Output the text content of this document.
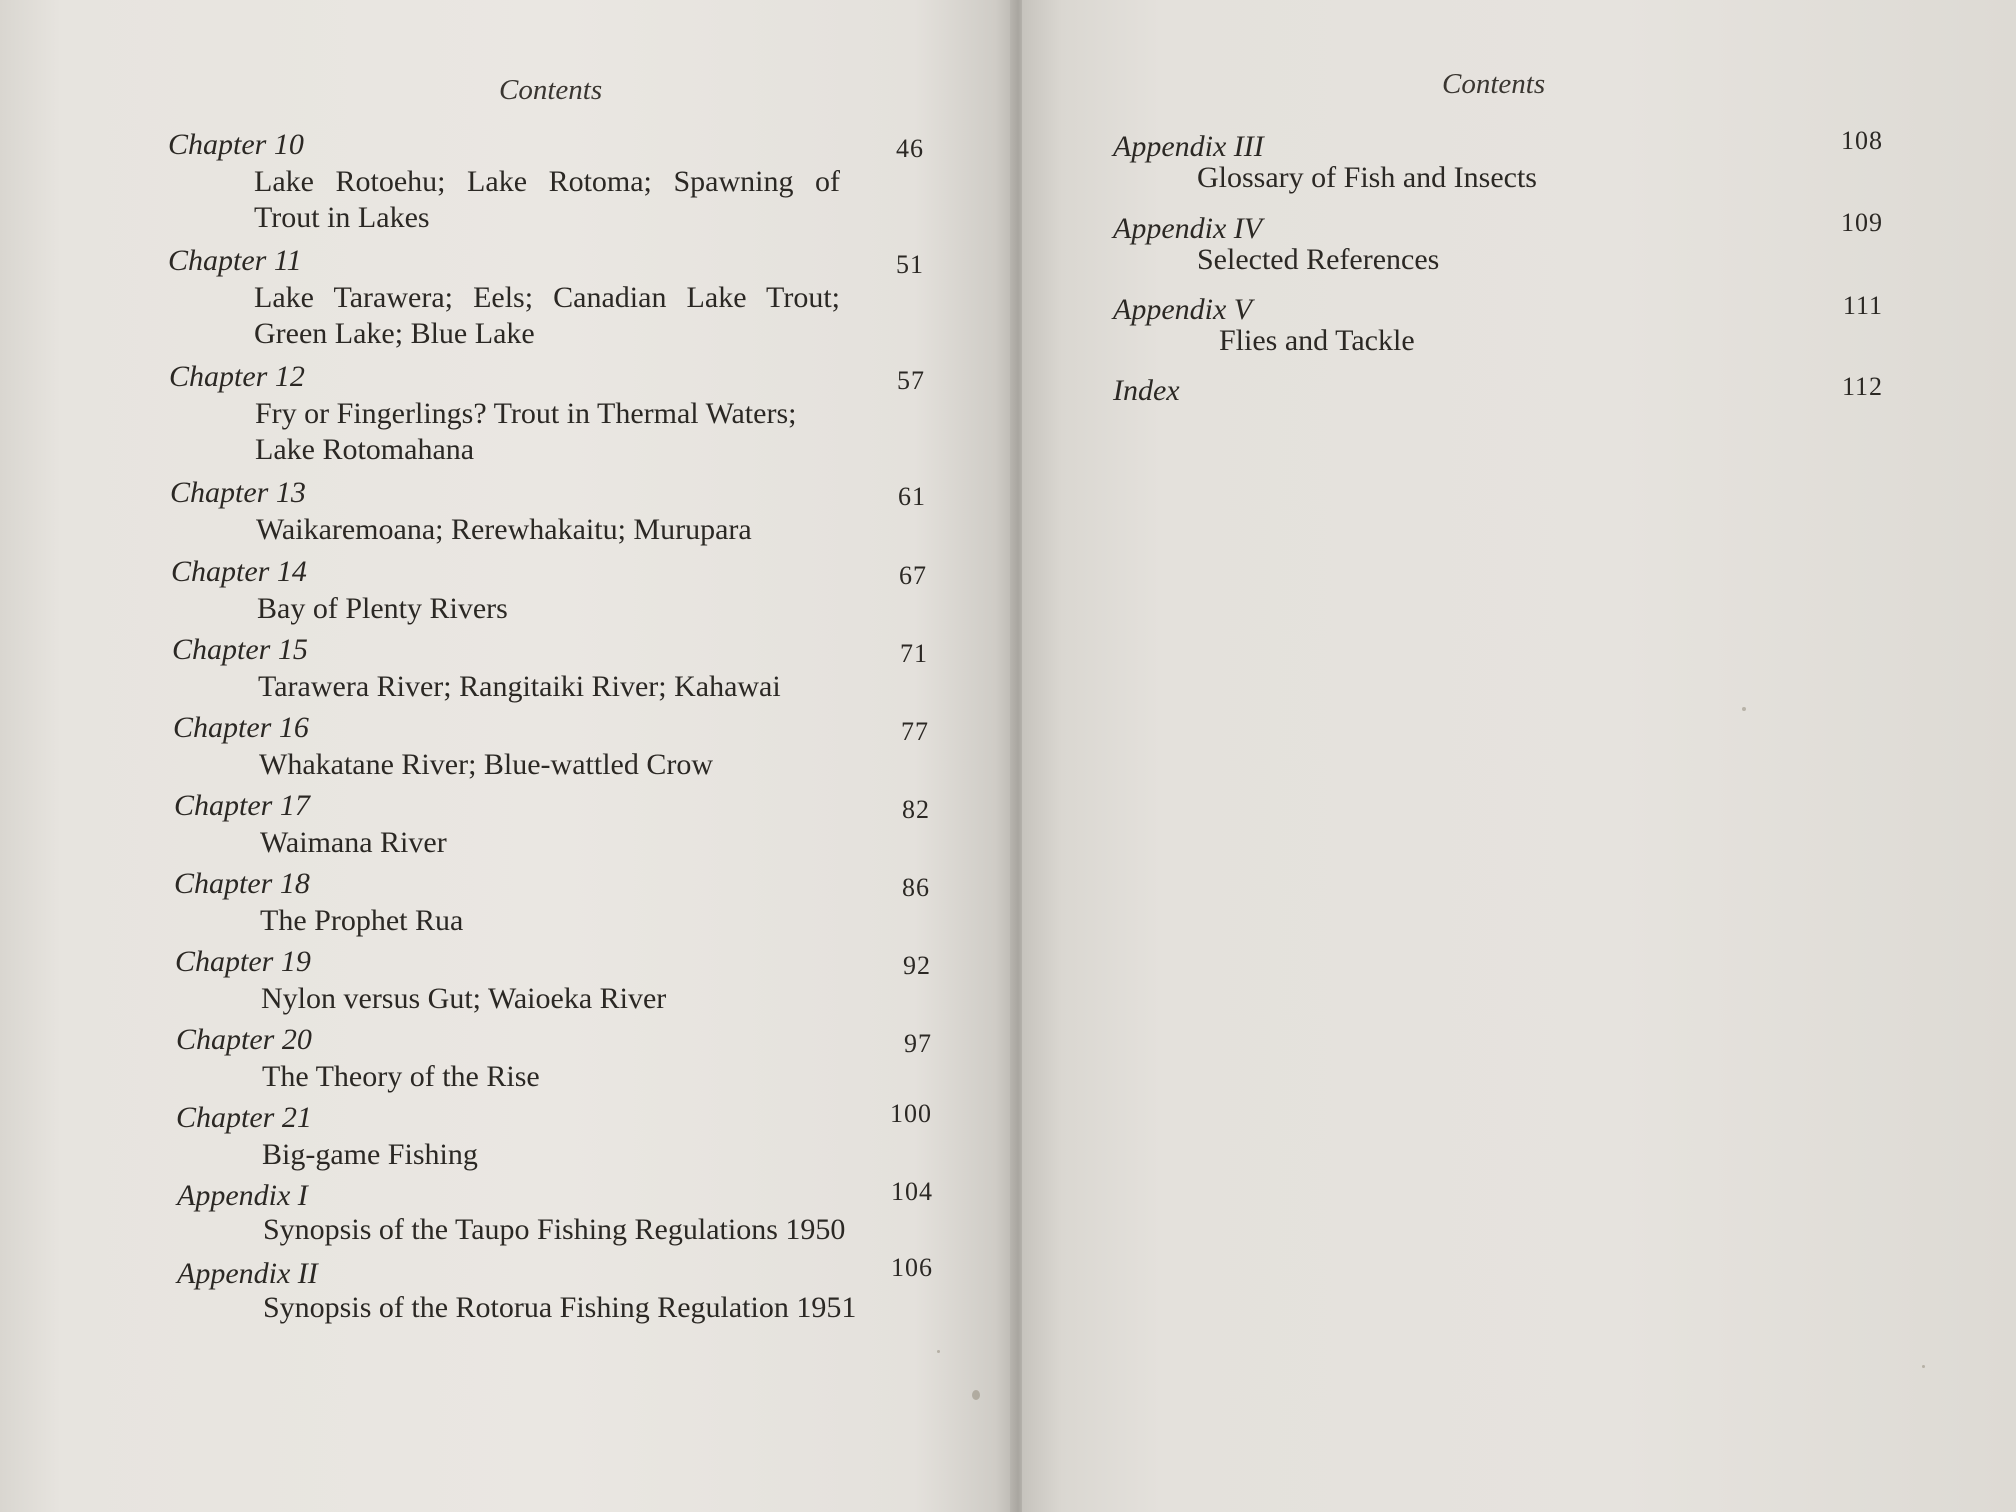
Contents
Chapter 10
Lake Rotoehu; Lake Rotoma; Spawning of Trout in Lakes
46
Chapter 11
Lake Tarawera; Eels; Canadian Lake Trout; Green Lake; Blue Lake
51
Chapter 12
Fry or Fingerlings? Trout in Thermal Waters; Lake Rotomahana
57
Chapter 13
Waikaremoana; Rerewhakaitu; Murupara
61
Chapter 14
Bay of Plenty Rivers
67
Chapter 15
Tarawera River; Rangitaiki River; Kahawai
71
Chapter 16
Whakatane River; Blue-wattled Crow
77
Chapter 17
Waimana River
82
Chapter 18
The Prophet Rua
86
Chapter 19
Nylon versus Gut; Waioeka River
92
Chapter 20
The Theory of the Rise
97
Chapter 21
Big-game Fishing
100
Appendix I
Synopsis of the Taupo Fishing Regulations 1950
104
Appendix II
Synopsis of the Rotorua Fishing Regulation 1951
106
Contents
Appendix III
Glossary of Fish and Insects
108
Appendix IV
Selected References
109
Appendix V
Flies and Tackle
111
Index	112
